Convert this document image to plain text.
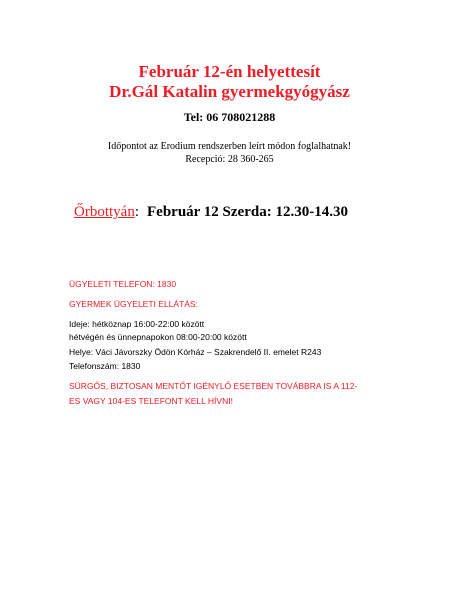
Február 12-én helyettesít
Dr.Gál Katalin gyermekgyógyász
Tel: 06 708021288
Időpontot az Erodium rendszerben leírt módon foglalhatnak!
Recepció: 28 360-265
Őrbottyán: Február 12 Szerda: 12.30-14.30
ÜGYELETI TELEFON: 1830
GYERMEK ÜGYELETI ELLÁTÁS:
Ideje: hétköznap 16:00-22:00 között
hétvégén és ünnepnapokon 08:00-20:00 között
Helye: Váci Jávorszky Ödön Kórház – Szakrendelő II. emelet R243
Telefonszám: 1830
SÜRGŐS, BIZTOSAN MENTŐT IGÉNYLŐ ESETBEN TOVÁBBRA IS A 112-
ES VAGY 104-ES TELEFONT KELL HÍVNI!
